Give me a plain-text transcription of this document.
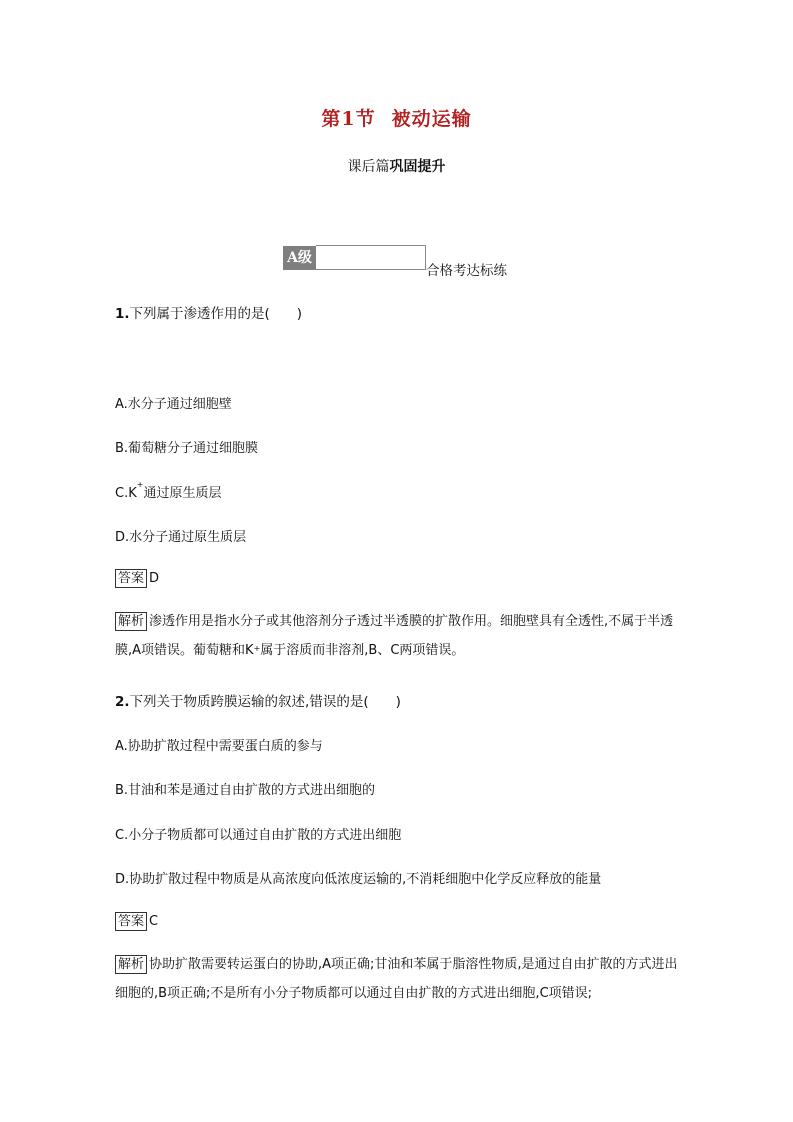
第1节 被动运输
课后篇巩固提升
A级
合格考达标练
1.下列属于渗透作用的是(　　)
A.水分子通过细胞壁
B.葡萄糖分子通过细胞膜
C.K+通过原生质层
D.水分子通过原生质层
答案 D
解析 渗透作用是指水分子或其他溶剂分子透过半透膜的扩散作用。细胞壁具有全透性,不属于半透膜,A项错误。葡萄糖和K+属于溶质而非溶剂,B、C两项错误。
2.下列关于物质跨膜运输的叙述,错误的是(　　)
A.协助扩散过程中需要蛋白质的参与
B.甘油和苯是通过自由扩散的方式进出细胞的
C.小分子物质都可以通过自由扩散的方式进出细胞
D.协助扩散过程中物质是从高浓度向低浓度运输的,不消耗细胞中化学反应释放的能量
答案 C
解析 协助扩散需要转运蛋白的协助,A项正确;甘油和苯属于脂溶性物质,是通过自由扩散的方式进出细胞的,B项正确;不是所有小分子物质都可以通过自由扩散的方式进出细胞,C项错误;
